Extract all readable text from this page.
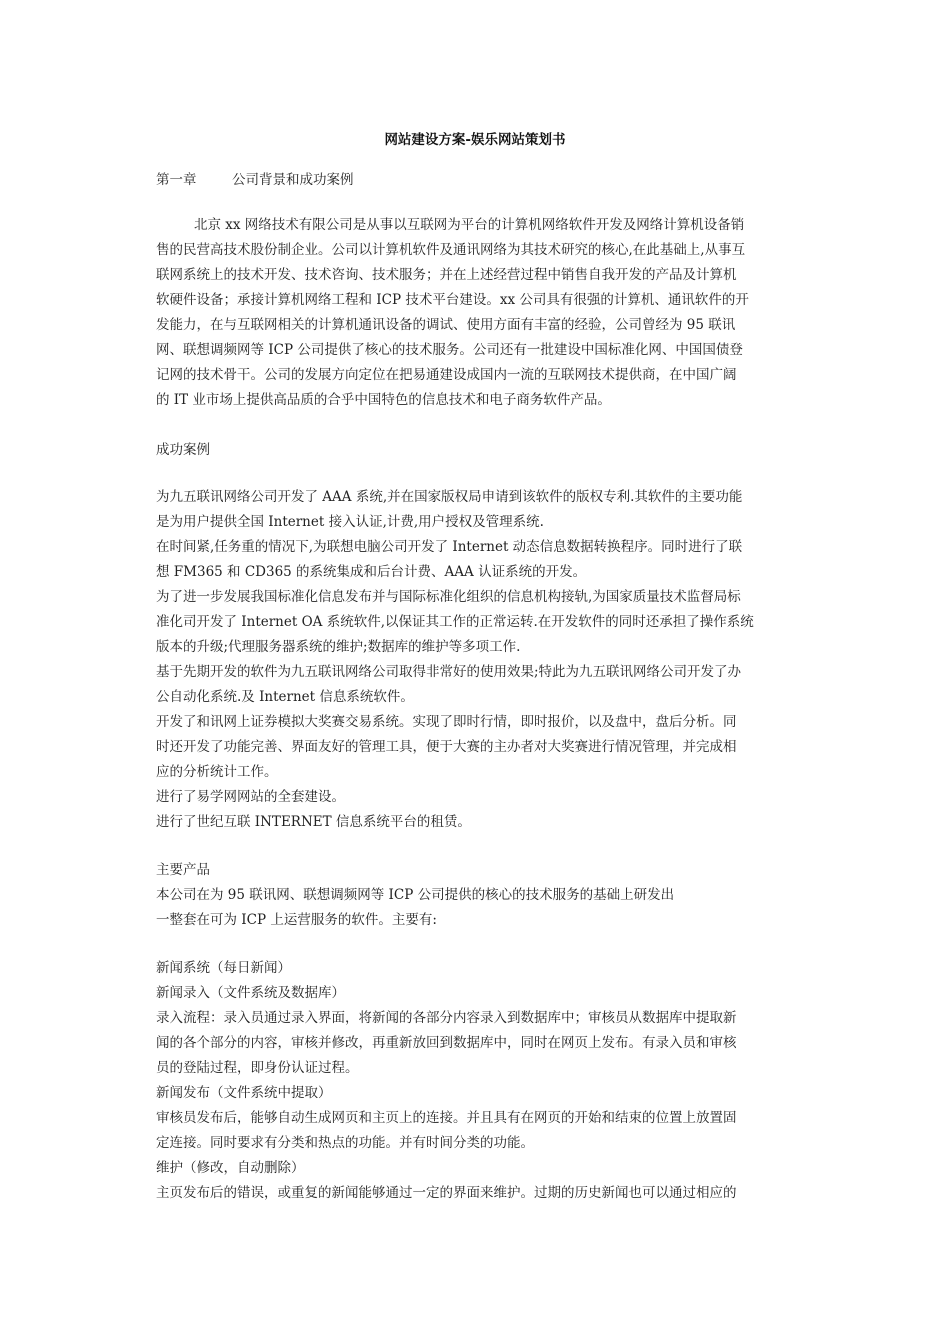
网站建设方案-娱乐网站策划书
第一章	公司背景和成功案例
北京 xx 网络技术有限公司是从事以互联网为平台的计算机网络软件开发及网络计算机设备销
售的民营高技术股份制企业。公司以计算机软件及通讯网络为其技术研究的核心,在此基础上,从事互
联网系统上的技术开发、技术咨询、技术服务；并在上述经营过程中销售自我开发的产品及计算机
软硬件设备；承接计算机网络工程和 ICP 技术平台建设。xx 公司具有很强的计算机、通讯软件的开
发能力，在与互联网相关的计算机通讯设备的调试、使用方面有丰富的经验，公司曾经为 95 联讯
网、联想调频网等 ICP 公司提供了核心的技术服务。公司还有一批建设中国标准化网、中国国债登
记网的技术骨干。公司的发展方向定位在把易通建设成国内一流的互联网技术提供商，在中国广阔
的 IT 业市场上提供高品质的合乎中国特色的信息技术和电子商务软件产品。
成功案例
为九五联讯网络公司开发了 AAA 系统,并在国家版权局申请到该软件的版权专利.其软件的主要功能
是为用户提供全国 Internet 接入认证,计费,用户授权及管理系统.
在时间紧,任务重的情况下,为联想电脑公司开发了 Internet 动态信息数据转换程序。同时进行了联
想 FM365 和 CD365 的系统集成和后台计费、AAA 认证系统的开发。
为了进一步发展我国标准化信息发布并与国际标准化组织的信息机构接轨,为国家质量技术监督局标
准化司开发了 Internet OA 系统软件,以保证其工作的正常运转.在开发软件的同时还承担了操作系统
版本的升级;代理服务器系统的维护;数据库的维护等多项工作.
基于先期开发的软件为九五联讯网络公司取得非常好的使用效果;特此为九五联讯网络公司开发了办
公自动化系统.及 Internet 信息系统软件。
开发了和讯网上证券模拟大奖赛交易系统。实现了即时行情，即时报价，以及盘中，盘后分析。同
时还开发了功能完善、界面友好的管理工具，便于大赛的主办者对大奖赛进行情况管理，并完成相
应的分析统计工作。
进行了易学网网站的全套建设。
进行了世纪互联 INTERNET 信息系统平台的租赁。
主要产品
本公司在为 95 联讯网、联想调频网等 ICP 公司提供的核心的技术服务的基础上研发出
一整套在可为 ICP 上运营服务的软件。主要有:
新闻系统（每日新闻）
新闻录入（文件系统及数据库）
录入流程：录入员通过录入界面，将新闻的各部分内容录入到数据库中；审核员从数据库中提取新
闻的各个部分的内容，审核并修改，再重新放回到数据库中，同时在网页上发布。有录入员和审核
员的登陆过程，即身份认证过程。
新闻发布（文件系统中提取）
审核员发布后，能够自动生成网页和主页上的连接。并且具有在网页的开始和结束的位置上放置固
定连接。同时要求有分类和热点的功能。并有时间分类的功能。
维护（修改，自动删除）
主页发布后的错误，或重复的新闻能够通过一定的界面来维护。过期的历史新闻也可以通过相应的
